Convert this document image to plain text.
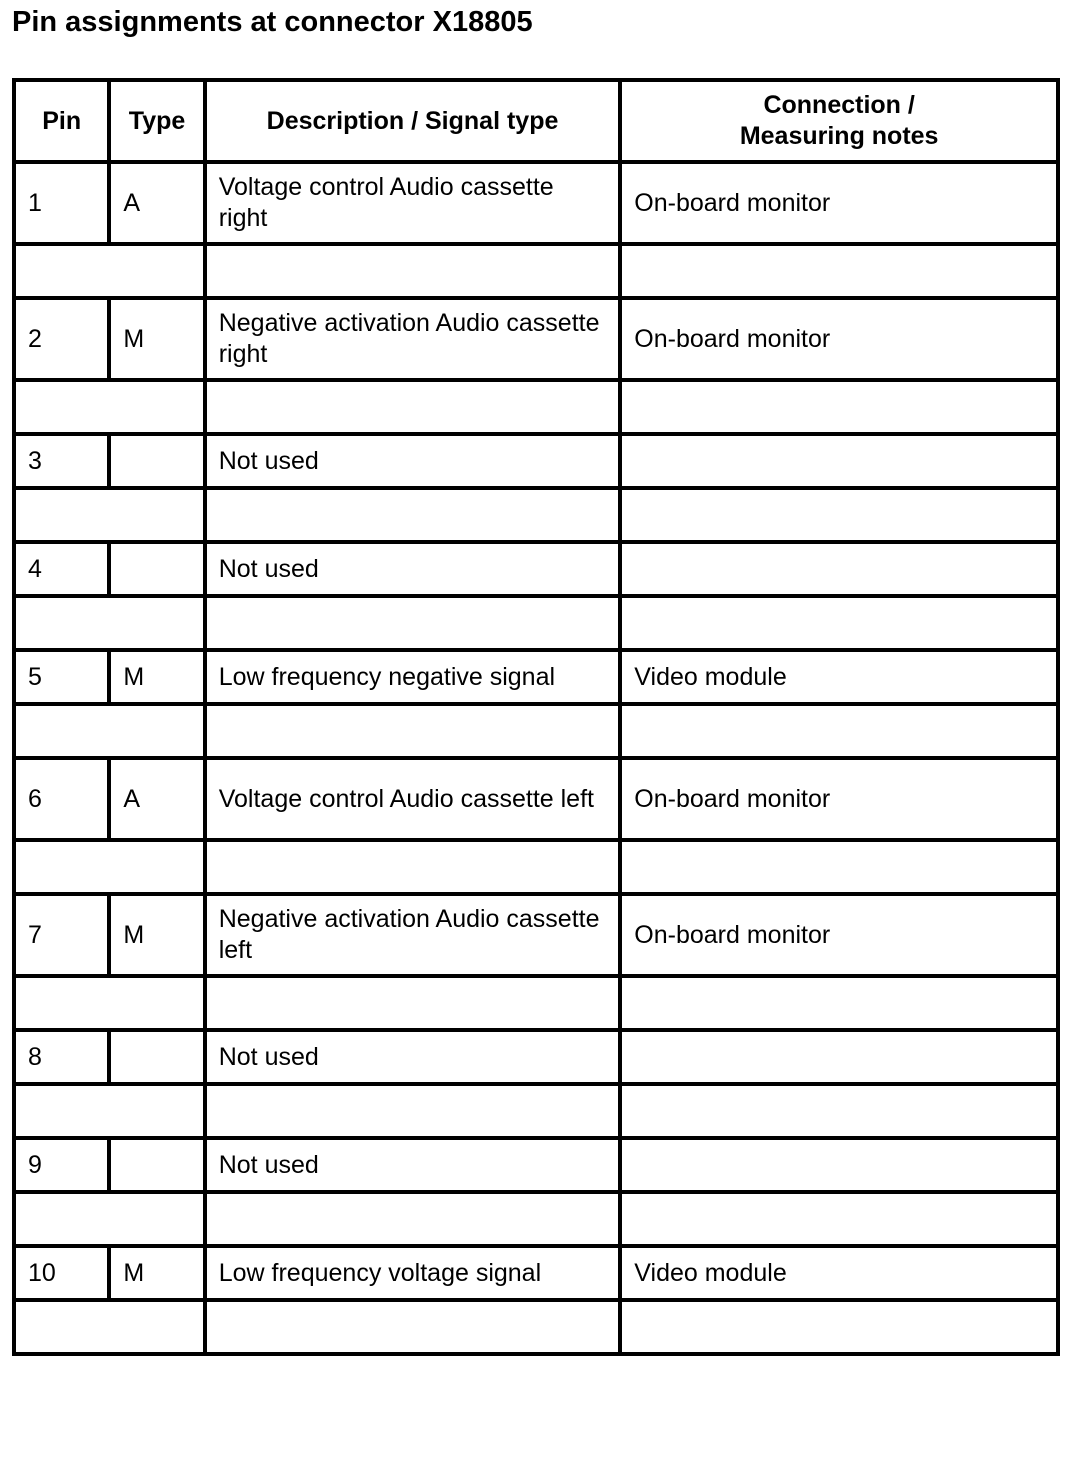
Pin assignments at connector X18805
Pin	Type	Description / Signal type	Connection /
Measuring notes

1	A	Voltage control Audio cassette right	On-board monitor

2	M	Negative activation Audio cassette right	On-board monitor

3		Not used	

4		Not used	

5	M	Low frequency negative signal	Video module

6	A	Voltage control Audio cassette left	On-board monitor

7	M	Negative activation Audio cassette left	On-board monitor

8		Not used	

9		Not used	

10	M	Low frequency voltage signal	Video module
